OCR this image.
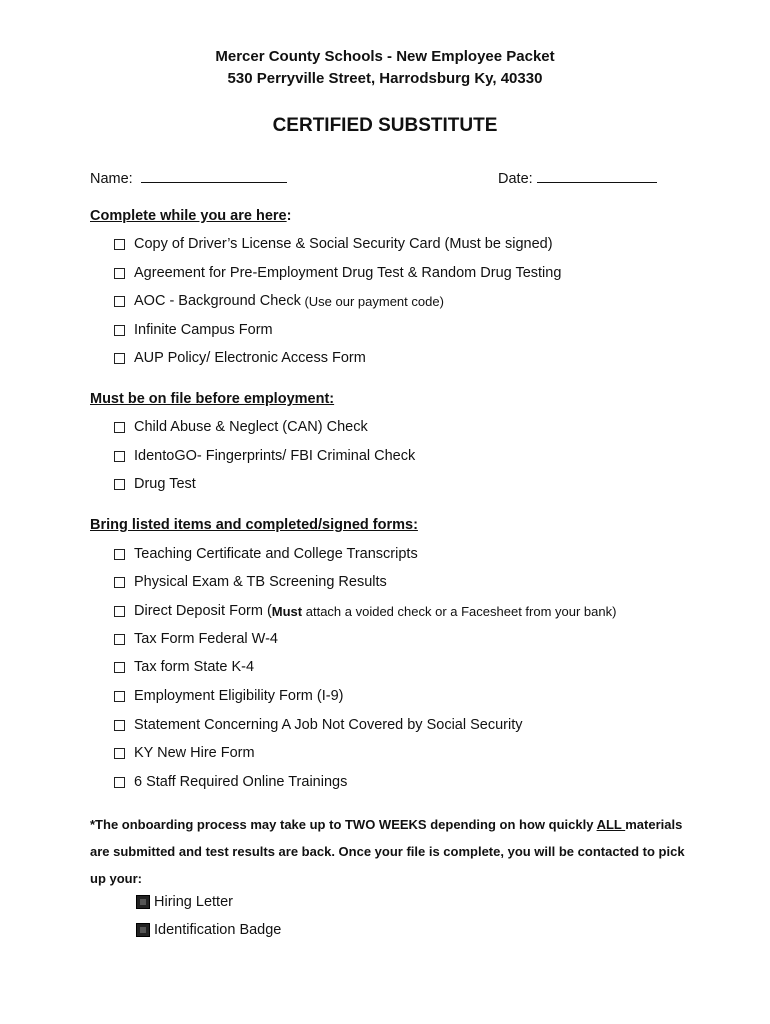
Mercer County Schools - New Employee Packet
530 Perryville Street, Harrodsburg Ky, 40330
CERTIFIED SUBSTITUTE
Name:	Date:
Complete while you are here:
Copy of Driver’s License & Social Security Card (Must be signed)
Agreement for Pre-Employment Drug Test & Random Drug Testing
AOC - Background Check (Use our payment code)
Infinite Campus Form
AUP Policy/ Electronic Access Form
Must be on file before employment:
Child Abuse & Neglect (CAN) Check
IdentoGO- Fingerprints/ FBI Criminal Check
Drug Test
Bring listed items and completed/signed forms:
Teaching Certificate and College Transcripts
Physical Exam & TB Screening Results
Direct Deposit Form ( Must attach a voided check or a Facesheet from your bank)
Tax Form Federal W-4
Tax form State K-4
Employment Eligibility Form (I-9)
Statement Concerning A Job Not Covered by Social Security
KY New Hire Form
6 Staff Required Online Trainings
*The onboarding process may take up to TWO WEEKS depending on how quickly ALL materials are submitted and test results are back. Once your file is complete, you will be contacted to pick up your:
Hiring Letter
Identification Badge
